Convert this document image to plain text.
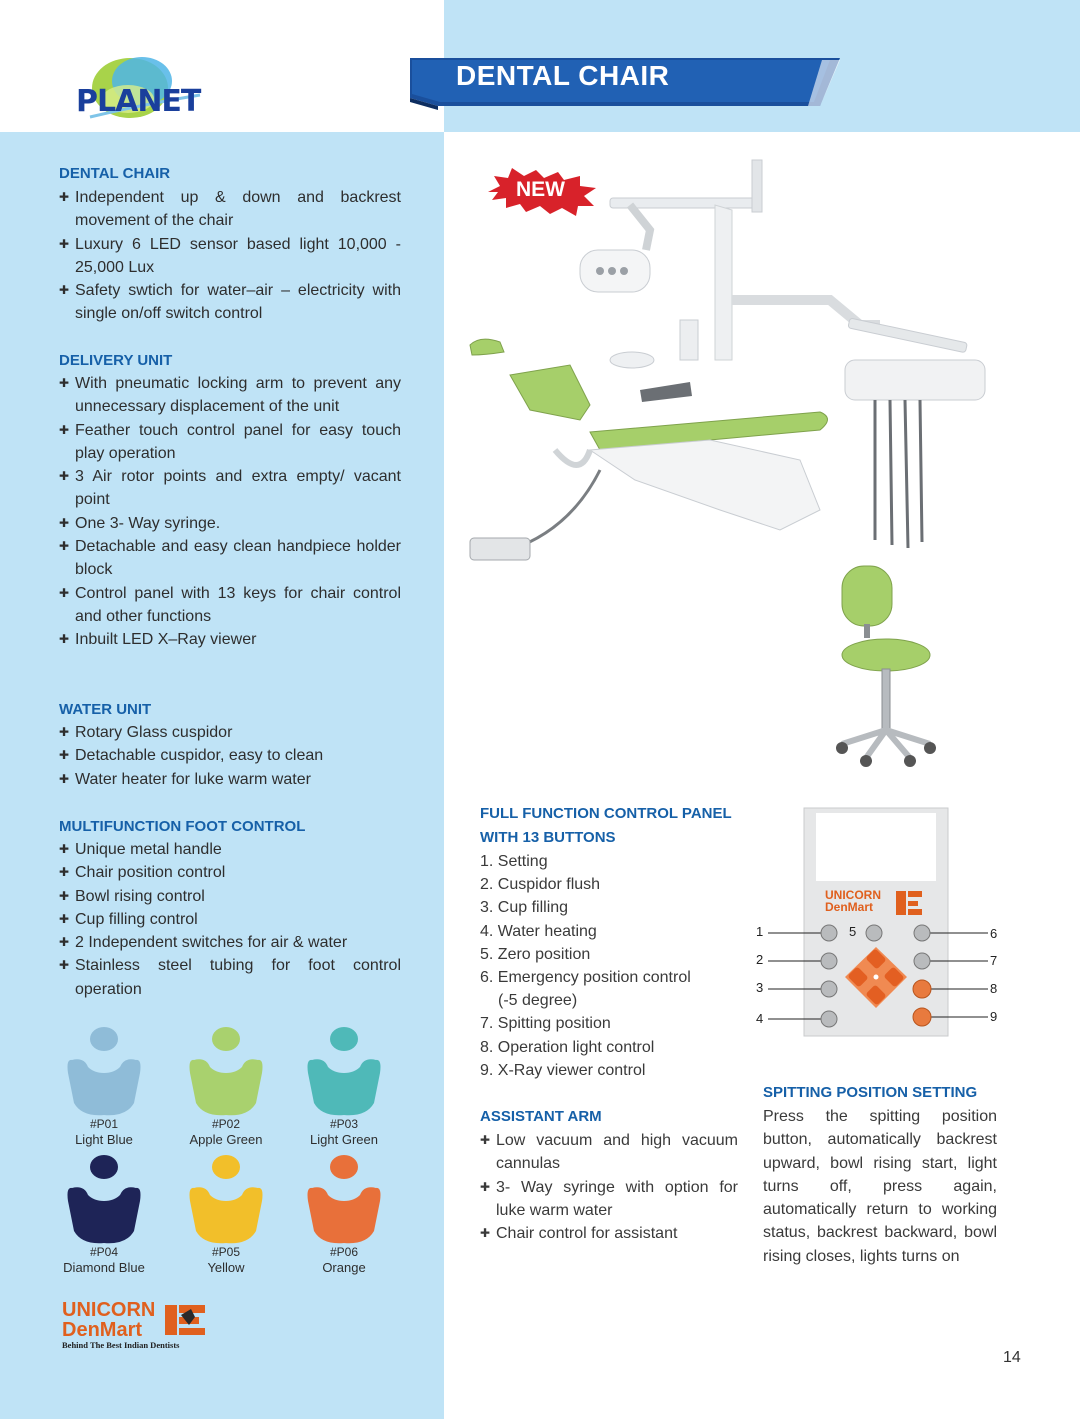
PLANET
DENTAL CHAIR
DENTAL CHAIR
✚ Independent up & down and backrest movement of the chair
✚ Luxury 6 LED sensor based light 10,000 - 25,000 Lux
✚ Safety swtich for water–air – electricity with single on/off switch control
DELIVERY UNIT
✚ With pneumatic locking arm to prevent any unnecessary displacement of the unit
✚ Feather touch control panel for easy touch play operation
✚ 3 Air rotor points and extra empty/ vacant point
✚ One 3- Way syringe.
✚ Detachable and easy clean handpiece holder block
✚ Control panel with 13 keys for chair control and other functions
✚ Inbuilt LED X–Ray viewer
WATER UNIT
✚ Rotary Glass cuspidor
✚ Detachable cuspidor, easy to clean
✚ Water heater for luke warm water
MULTIFUNCTION FOOT CONTROL
✚ Unique metal handle
✚ Chair position control
✚ Bowl rising control
✚ Cup filling control
✚ 2 Independent switches for air & water
✚ Stainless steel tubing for foot control operation
#P01
Light Blue
#P02
Apple Green
#P03
Light Green
#P04
Diamond Blue
#P05
Yellow
#P06
Orange
UNICORN
DenMart
Behind The Best Indian Dentists
NEW
FULL FUNCTION CONTROL PANEL
WITH 13 BUTTONS
1. Setting
2. Cuspidor flush
3. Cup filling
4. Water heating
5. Zero position
6. Emergency position control
(-5 degree)
7. Spitting position
8. Operation light control
9. X-Ray viewer control
UNICORN
DenMart
1
2
3
4
5	6
7
8
9
ASSISTANT ARM
✚ Low vacuum and high vacuum cannulas
✚ 3- Way syringe with option for luke warm water
✚ Chair control for assistant
SPITTING POSITION SETTING
Press the spitting position button, automatically backrest upward, bowl rising start, light turns off, press again, automatically return to working status, backrest backward, bowl rising closes, lights turns on
14
